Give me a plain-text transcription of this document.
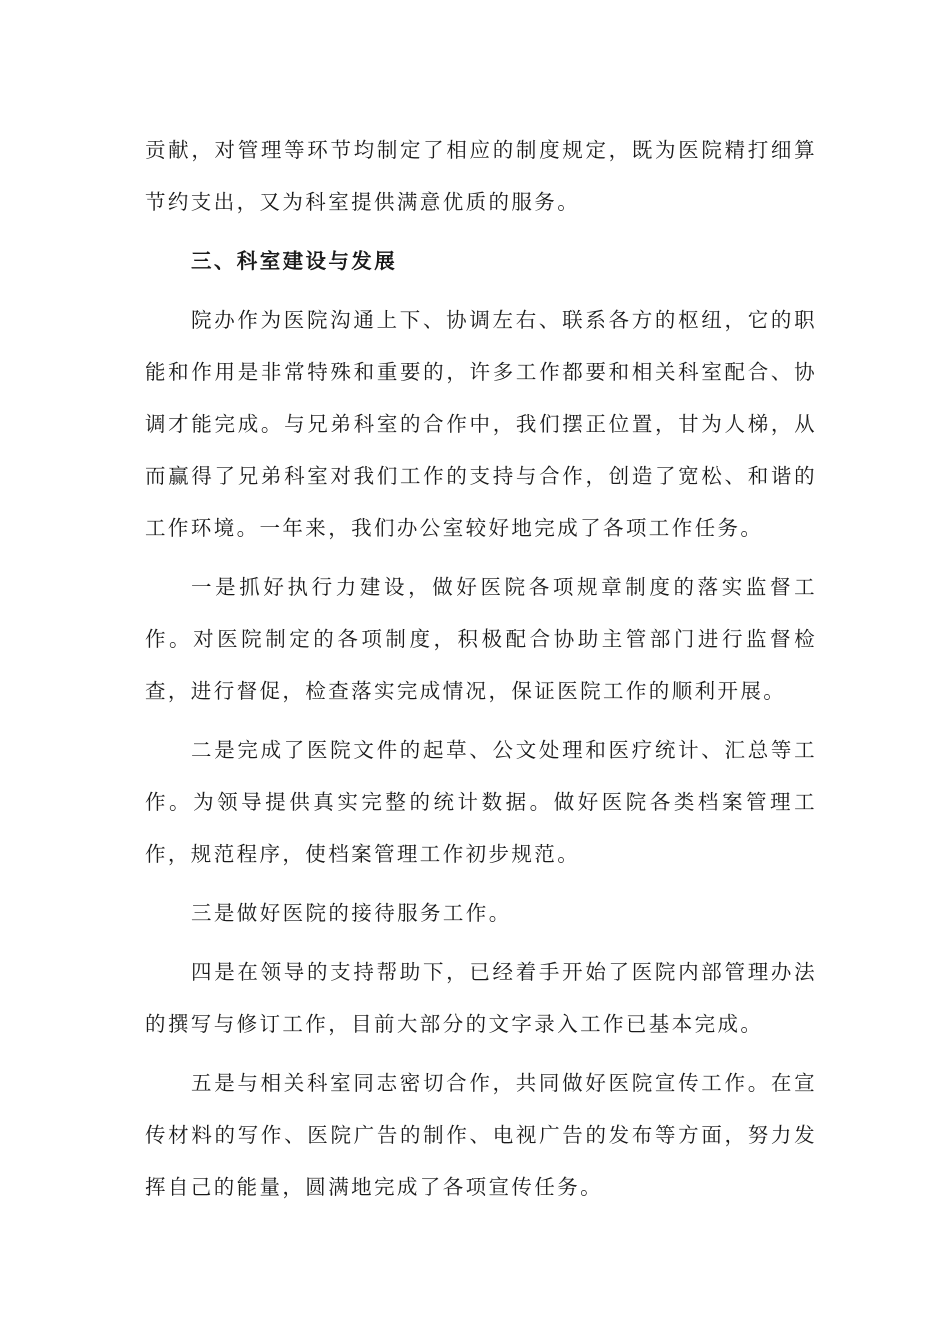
贡献，对管理等环节均制定了相应的制度规定，既为医院精打细算节约支出，又为科室提供满意优质的服务。

三、科室建设与发展

院办作为医院沟通上下、协调左右、联系各方的枢纽，它的职能和作用是非常特殊和重要的，许多工作都要和相关科室配合、协调才能完成。与兄弟科室的合作中，我们摆正位置，甘为人梯，从而赢得了兄弟科室对我们工作的支持与合作，创造了宽松、和谐的工作环境。一年来，我们办公室较好地完成了各项工作任务。

一是抓好执行力建设，做好医院各项规章制度的落实监督工作。对医院制定的各项制度，积极配合协助主管部门进行监督检查，进行督促，检查落实完成情况，保证医院工作的顺利开展。

二是完成了医院文件的起草、公文处理和医疗统计、汇总等工作。为领导提供真实完整的统计数据。做好医院各类档案管理工作，规范程序，使档案管理工作初步规范。

三是做好医院的接待服务工作。

四是在领导的支持帮助下，已经着手开始了医院内部管理办法的撰写与修订工作，目前大部分的文字录入工作已基本完成。

五是与相关科室同志密切合作，共同做好医院宣传工作。在宣传材料的写作、医院广告的制作、电视广告的发布等方面，努力发挥自己的能量，圆满地完成了各项宣传任务。
